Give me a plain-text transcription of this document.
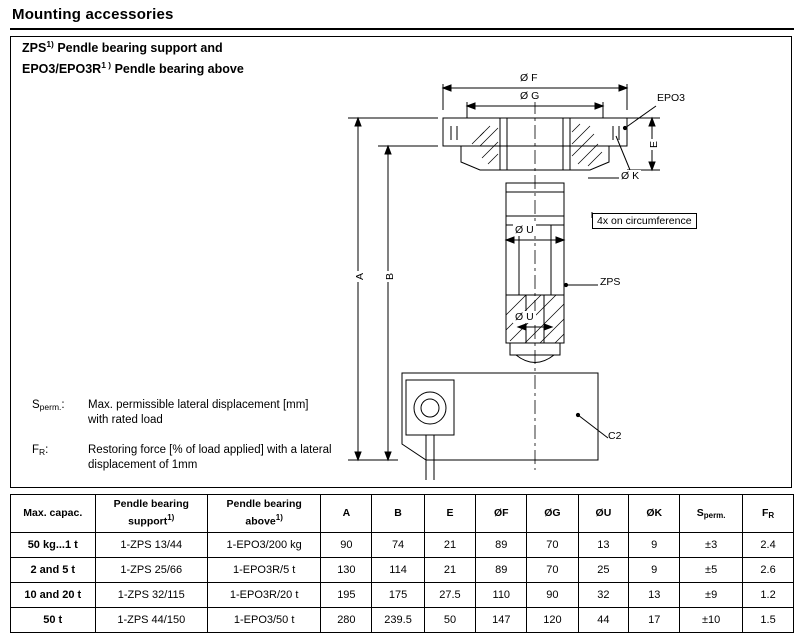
Mounting accessories
ZPS$^{1)}$ Pendle bearing support and
$EPO3/EPO3R^{1 )}$ Pendle bearing above
$S_{perm.}$: Max. permissible lateral displacement [mm] with rated load
$F_R$:	Restoring force [% of load applied] with a lateral displacement of 1mm
Ø F
Ø G
Ø U
Ø U
Ø K
A B
E
EPO3
ZPS
4x on circumference
C2
Max. capac.	Pendle bearing support$^{1)}$	Pendle bearing above$^{1)}$	A	B	E	ØF	ØG	ØU	ØK	$S_{perm.}$	$F_R$
50 kg...1 t	1-ZPS 13/44	1-EPO3/200 kg	90	74	21	89	70	13	9	±3	2.4
2 and 5 t	1-ZPS 25/66	1-EPO3R/5 t	130	114	21	89	70	25	9	±5	2.6
10 and 20 t	1-ZPS 32/115	1-EPO3R/20 t	195	175	27.5	110	90	32	13	±9	1.2
50 t	1-ZPS 44/150	1-EPO3/50 t	280	239.5	50	147	120	44	17	±10	1.5
